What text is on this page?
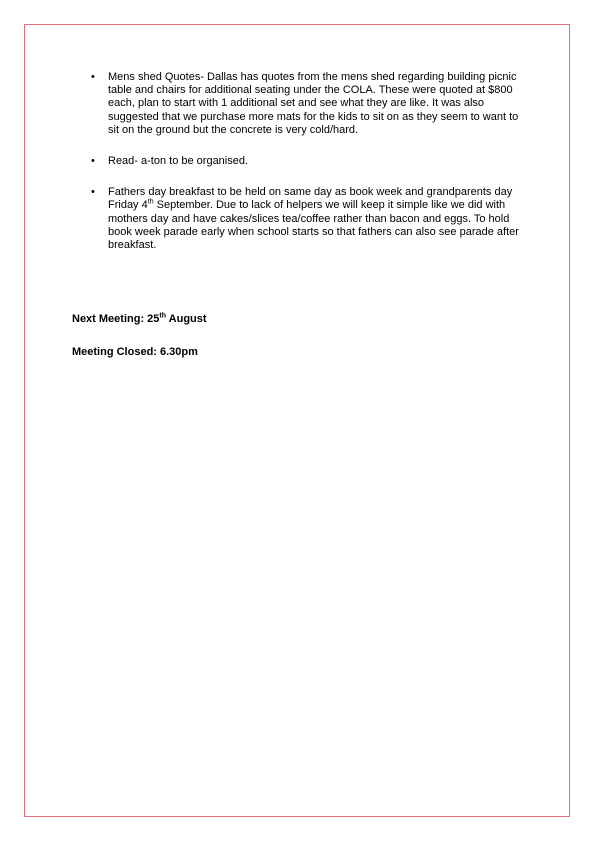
• Mens shed Quotes- Dallas has quotes from the mens shed regarding building picnic table and chairs for additional seating under the COLA. These were quoted at $800 each, plan to start with 1 additional set and see what they are like. It was also suggested that we purchase more mats for the kids to sit on as they seem to want to sit on the ground but the concrete is very cold/hard.
• Read- a-ton to be organised.
• Fathers day breakfast to be held on same day as book week and grandparents day Friday 4th September. Due to lack of helpers we will keep it simple like we did with mothers day and have cakes/slices tea/coffee rather than bacon and eggs. To hold book week parade early when school starts so that fathers can also see parade after breakfast.
Next Meeting: 25th August
Meeting Closed: 6.30pm
